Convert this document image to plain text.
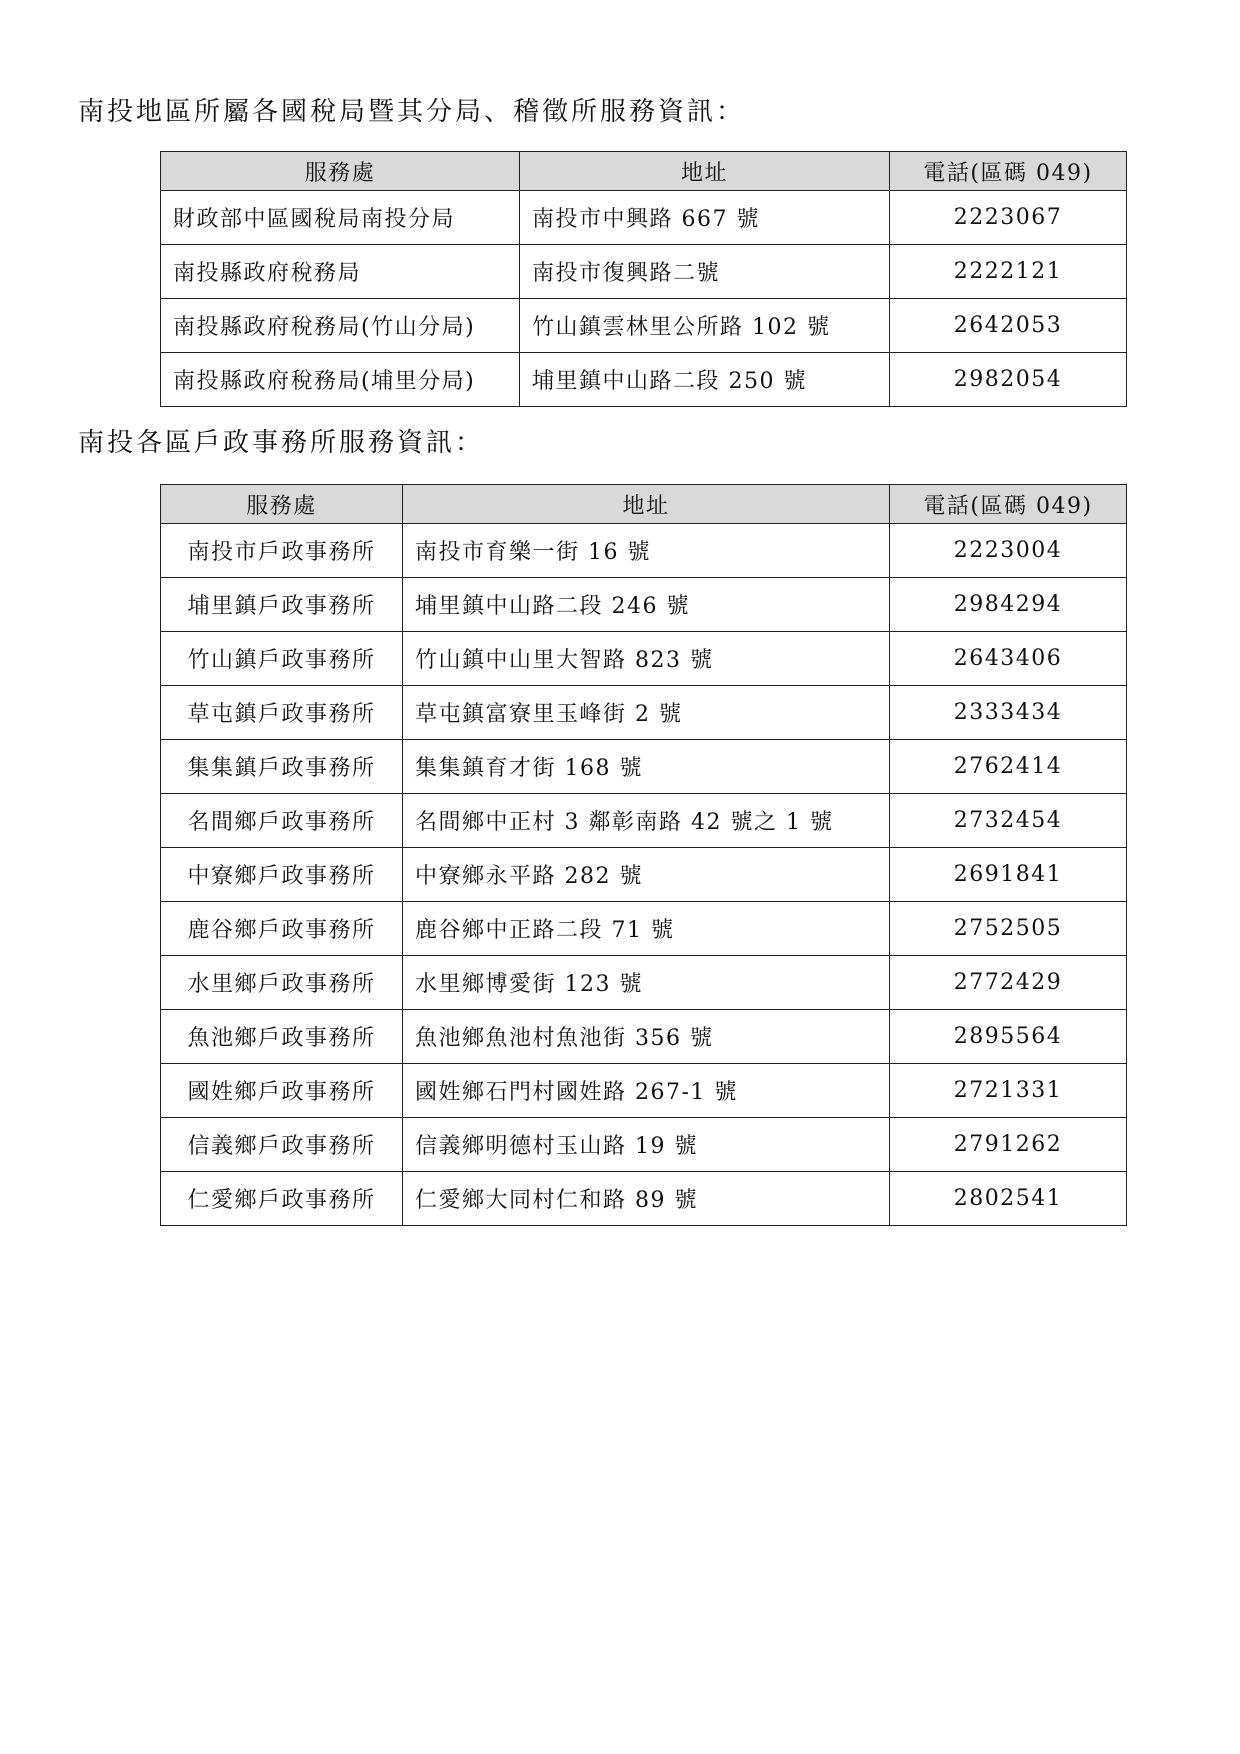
南投地區所屬各國稅局暨其分局、稽徵所服務資訊：
服務處	地址	電話(區碼 049)
財政部中區國稅局南投分局	南投市中興路 667 號	2223067
南投縣政府稅務局	南投市復興路二號	2222121
南投縣政府稅務局(竹山分局)	竹山鎮雲林里公所路 102 號	2642053
南投縣政府稅務局(埔里分局)	埔里鎮中山路二段 250 號	2982054
南投各區戶政事務所服務資訊：
服務處	地址	電話(區碼 049)
南投市戶政事務所	南投市育樂一街 16 號	2223004
埔里鎮戶政事務所	埔里鎮中山路二段 246 號	2984294
竹山鎮戶政事務所	竹山鎮中山里大智路 823 號	2643406
草屯鎮戶政事務所	草屯鎮富寮里玉峰街 2 號	2333434
集集鎮戶政事務所	集集鎮育才街 168 號	2762414
名間鄉戶政事務所	名間鄉中正村 3 鄰彰南路 42 號之 1 號	2732454
中寮鄉戶政事務所	中寮鄉永平路 282 號	2691841
鹿谷鄉戶政事務所	鹿谷鄉中正路二段 71 號	2752505
水里鄉戶政事務所	水里鄉博愛街 123 號	2772429
魚池鄉戶政事務所	魚池鄉魚池村魚池街 356 號	2895564
國姓鄉戶政事務所	國姓鄉石門村國姓路 267-1 號	2721331
信義鄉戶政事務所	信義鄉明德村玉山路 19 號	2791262
仁愛鄉戶政事務所	仁愛鄉大同村仁和路 89 號	2802541
